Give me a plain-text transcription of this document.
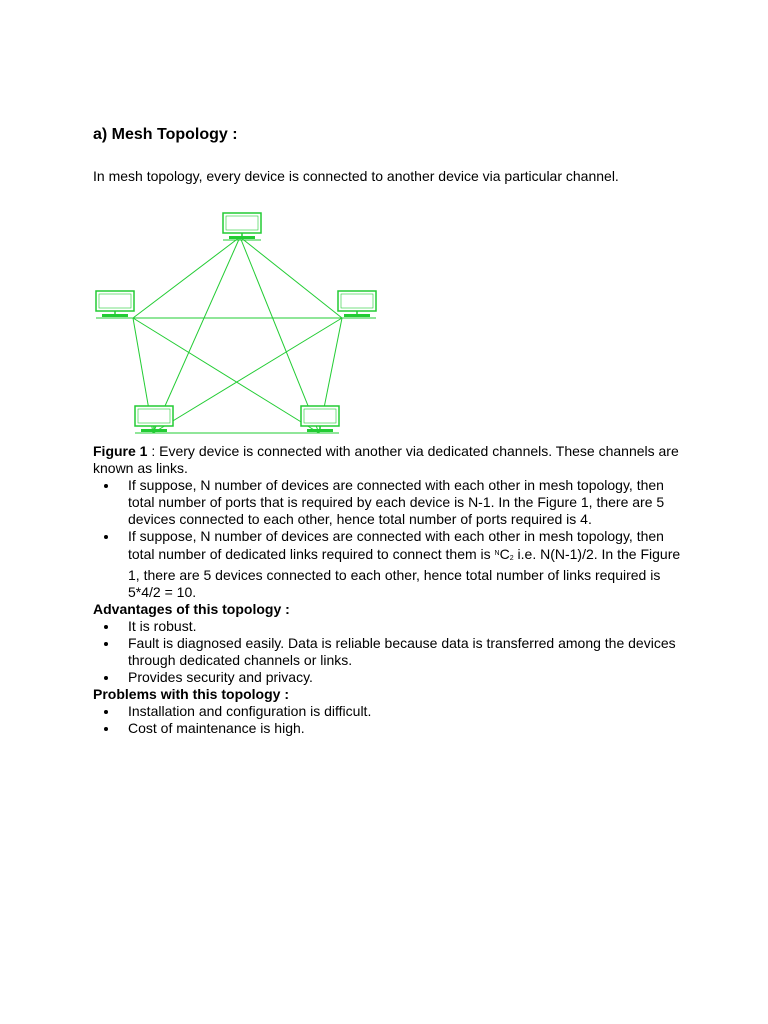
a) Mesh Topology :

In mesh topology, every device is connected to another device via particular channel.

Figure 1 : Every device is connected with another via dedicated channels. These channels are known as links.

If suppose, N number of devices are connected with each other in mesh topology, then total number of ports that is required by each device is N-1. In the Figure 1, there are 5 devices connected to each other, hence total number of ports required is 4.
If suppose, N number of devices are connected with each other in mesh topology, then total number of dedicated links required to connect them is $^NC_2$ i.e. N(N-1)/2. In the Figure 1, there are 5 devices connected to each other, hence total number of links required is 5*4/2 = 10.

Advantages of this topology :

It is robust.
Fault is diagnosed easily. Data is reliable because data is transferred among the devices through dedicated channels or links.
Provides security and privacy.

Problems with this topology :

Installation and configuration is difficult.
Cost of maintenance is high.
